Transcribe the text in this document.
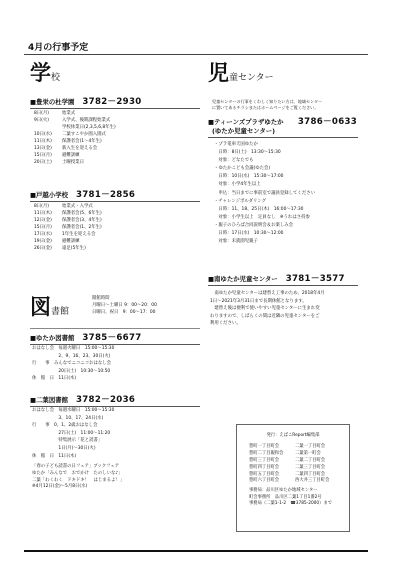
4月の行事予定
学校
■豊栄の杜学園 3782－2930
8日(月)	始業式
9日(火)	入学式、後期課程始業式
学校休業日(2,3,5,6,8年生)
10日(水)	二葉すこやか園入園式
11日(木)	保護者会(1～4年生)
13日(金)	新入生を迎える会
15日(月)	避難訓練
20日(土)	土曜授業日
■戸越小学校 3781－2856
8日(月)	始業式・入学式
11日(木)	保護者会(5、6年生)
12日(金)	保護者会(3、4年生)
15日(月)	保護者会(1、2年生)
17日(水)	1年生を迎える会
19日(金)	避難訓練
26日(金)	遠足(5年生)
図書館
開館時間
月曜日～土曜日 9：00～20：00
日曜日、祝日　9：00～17：00
■ゆたか図書館 3785－6677
おはなし会　毎週火曜日　15:00～15:30
　　　　　　2、9、16、23、30日(火)
行　　事　みんなでニコニコおはなし会
　　　　　　20日(土)　10:30～10:50
休　館　日　11日(木)
■二葉図書館 3782－2036
おはなし会　毎週水曜日　15:00～15:30
　　　　　　3、10、17、24日(水)
行　　事　0、1、2歳おはなし会
　　　　　　27日(土)　11:00～11:20
　　　　　　特集展示「花と読書」
　　　　　　1日(月)～30日(火)
休　館　日　11日(木)
「春の子ども読書の日フェア」ブックフェア
ゆたか「みんなで　おでかけ　たのしいな♪」
二葉「わくわく　ドキドキ！　はじまるよ！」
※4月12日(金)～5月8日(水)
児童センター
児童センターの行事をくわしく知りたい方は、地域センター
に置いてあるチラシまたはホームページをご覧ください。
■ティーンズプラザゆたか　3786－0633
(ゆたか児童センター)
・プラ電車天国ゆたか
　日時：8日(土)　13:30～15:30
　対象：どなたでも
・ゆたかこども会議(ゆた会)
　日時：10日(水)　15:30～17:00
　対象：小学4年生以上
　申込：当日までに事前室で議員登録してください
・チャレンジボルダリング
　日時：11、18、25日(木)　16:00～17:30
　対象：小学生以上　定員なし　※うれはさ持参
・親子のひろば合同説明会＆お楽しみ会
　日時：17日(水)　10:30～12:00
　対象：未就園児親子
■南ゆたか児童センター 3781－3577
　南ゆたか児童センターは建替え工事のため、2018年4月
1日～2021年3月31日まで長期休館となります。
　建替え後は便利で使いやすい児童センターに生まれ変
わりますので、しばらくの間は近隣の児童センターをご
利用ください。
発行：えばこReport編集部
豊町一丁目町会	二葉一丁目町会
豊町二丁目親和会	二葉第一町会
豊町三丁目町会	二葉二丁目町会
豊町四丁目町会	二葉三丁目町会
豊町五丁目町会	二葉四丁目町会
豊町六丁目町会	西大井三丁目町会
事務局：品川区ゆたか地域センター
町会事務所　品川区二葉1丁目1番2号
事務局（二葉1-1-2　☎3785-2000）まで
